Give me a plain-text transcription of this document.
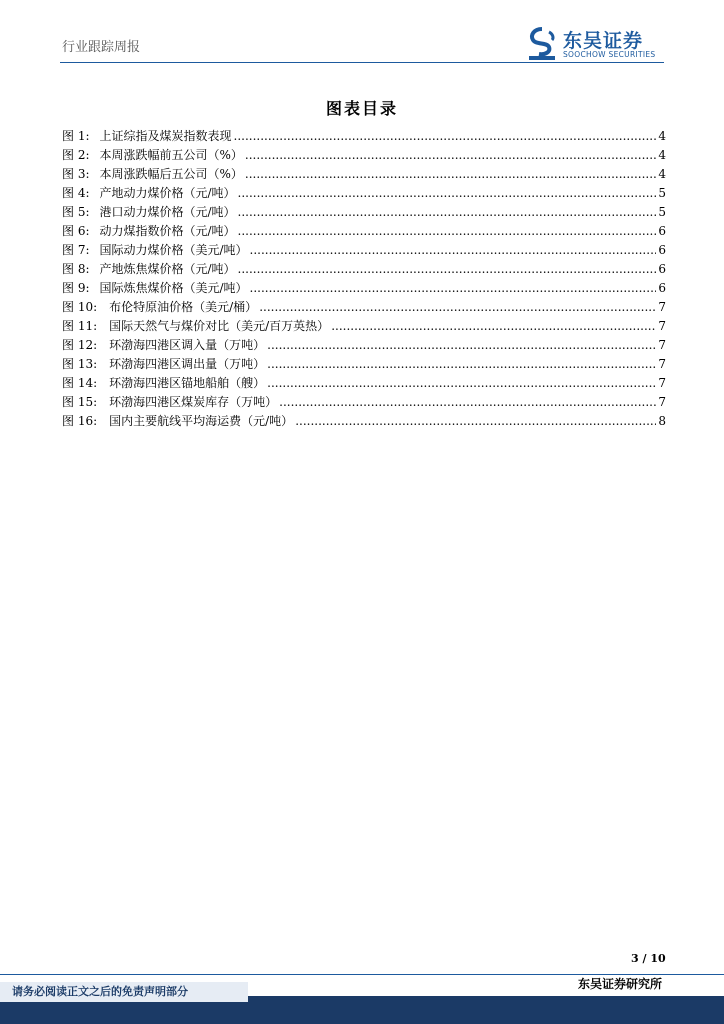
行业跟踪周报	东吴证券
SOOCHOW SECURITIES
图表目录
图 1: 上证综指及煤炭指数表现 .....	4
图 2: 本周涨跌幅前五公司（%） .....	4
图 3: 本周涨跌幅后五公司（%） .....	4
图 4: 产地动力煤价格（元/吨） .....	5
图 5: 港口动力煤价格（元/吨） .....	5
图 6: 动力煤指数价格（元/吨） .....	6
图 7: 国际动力煤价格（美元/吨） .....	6
图 8: 产地炼焦煤价格（元/吨） .....	6
图 9: 国际炼焦煤价格（美元/吨） .....	6
图 10: 布伦特原油价格（美元/桶） .....	7
图 11: 国际天然气与煤价对比（美元/百万英热） .....	7
图 12: 环渤海四港区调入量（万吨） .....	7
图 13: 环渤海四港区调出量（万吨） .....	7
图 14: 环渤海四港区锚地船舶（艘） .....	7
图 15: 环渤海四港区煤炭库存（万吨） .....	7
图 16: 国内主要航线平均海运费（元/吨） .....	8
3 / 10
东吴证券研究所
请务必阅读正文之后的免责声明部分
